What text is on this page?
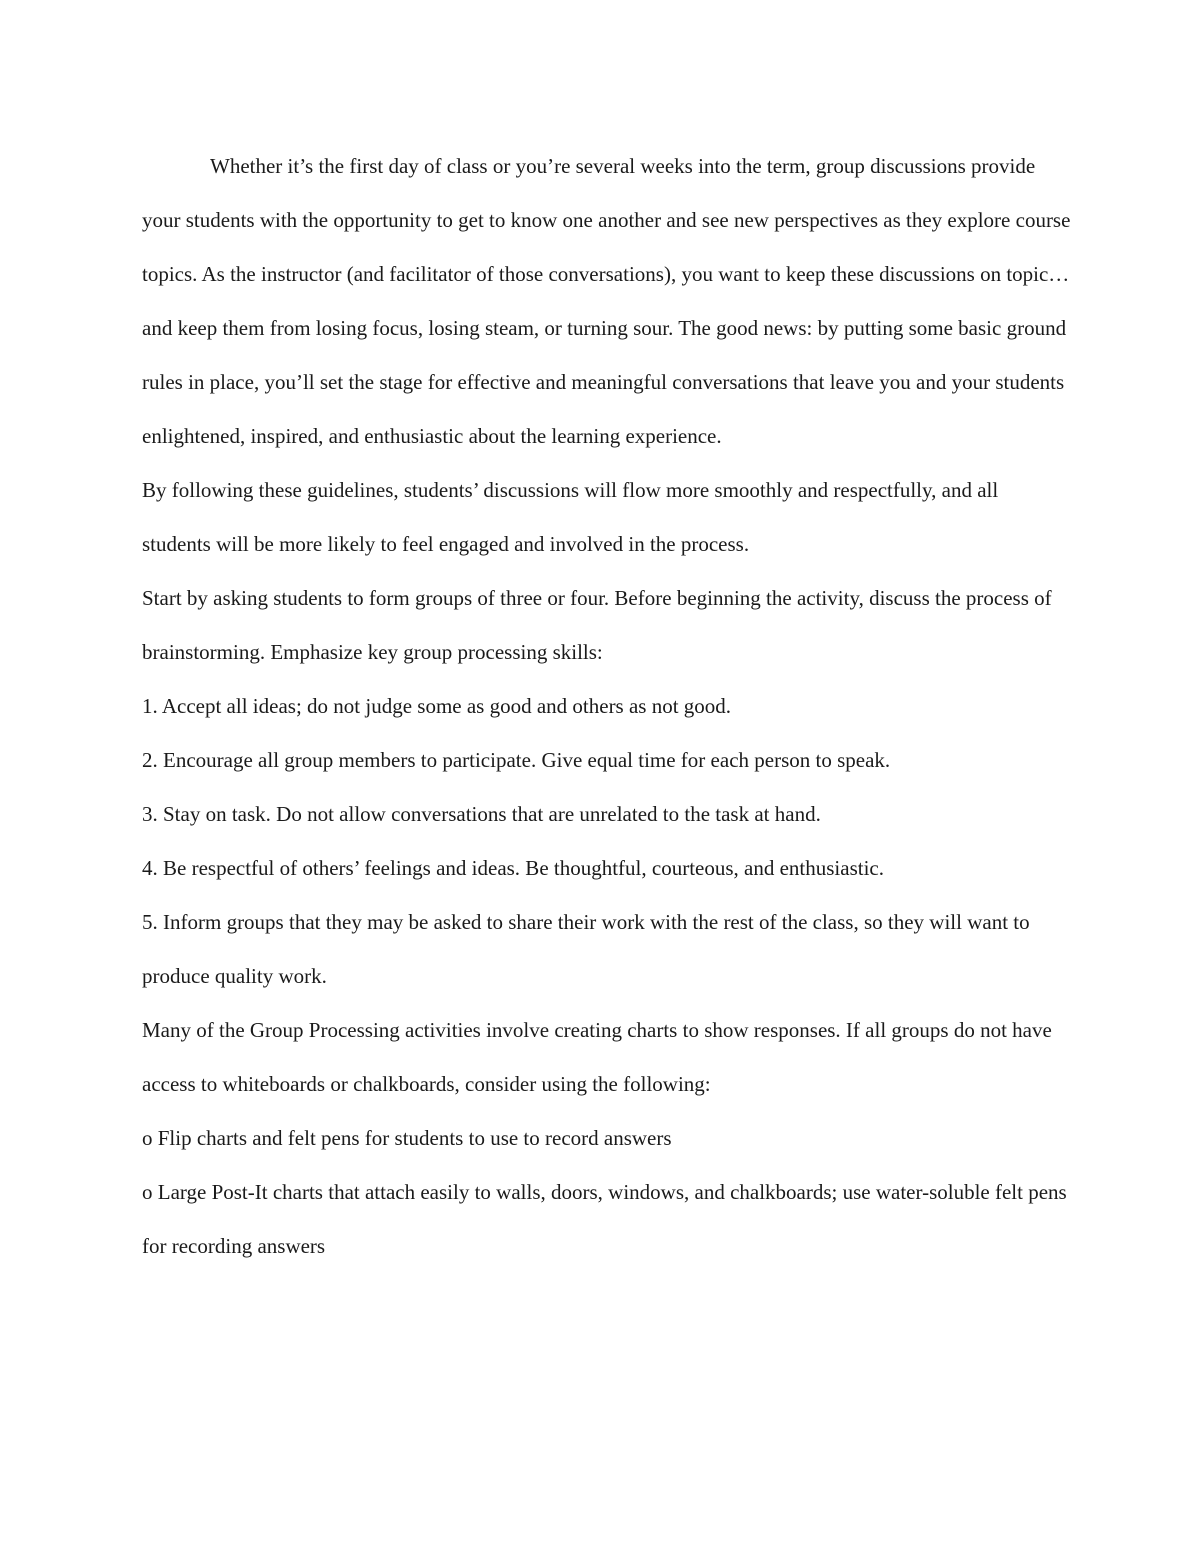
Whether it’s the first day of class or you’re several weeks into the term, group discussions provide your students with the opportunity to get to know one another and see new perspectives as they explore course topics. As the instructor (and facilitator of those conversations), you want to keep these discussions on topic… and keep them from losing focus, losing steam, or turning sour. The good news: by putting some basic ground rules in place, you’ll set the stage for effective and meaningful conversations that leave you and your students enlightened, inspired, and enthusiastic about the learning experience.

By following these guidelines, students’ discussions will flow more smoothly and respectfully, and all students will be more likely to feel engaged and involved in the process.

Start by asking students to form groups of three or four. Before beginning the activity, discuss the process of brainstorming. Emphasize key group processing skills:

1. Accept all ideas; do not judge some as good and others as not good.

2. Encourage all group members to participate. Give equal time for each person to speak.

3. Stay on task. Do not allow conversations that are unrelated to the task at hand.

4. Be respectful of others’ feelings and ideas. Be thoughtful, courteous, and enthusiastic.

5. Inform groups that they may be asked to share their work with the rest of the class, so they will want to produce quality work.

Many of the Group Processing activities involve creating charts to show responses. If all groups do not have access to whiteboards or chalkboards, consider using the following:

o Flip charts and felt pens for students to use to record answers

o Large Post-It charts that attach easily to walls, doors, windows, and chalkboards; use water-soluble felt pens for recording answers
